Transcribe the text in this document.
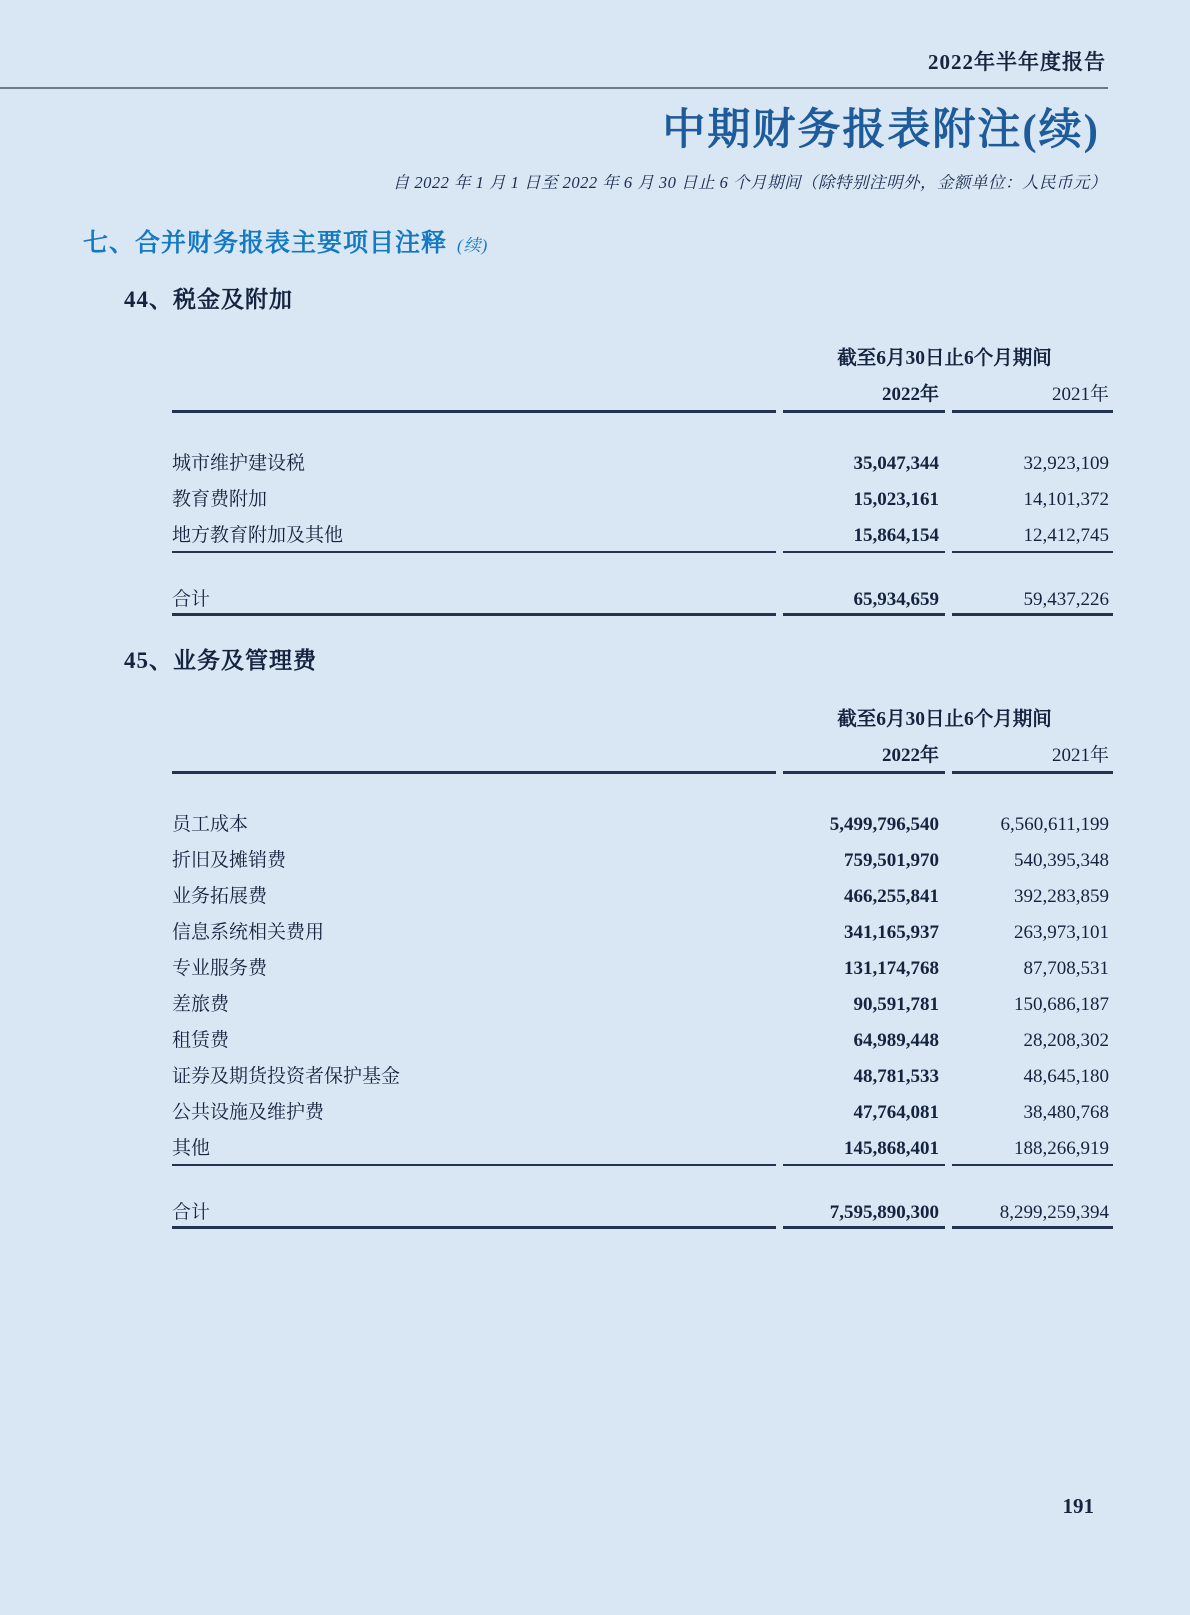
2022年半年度报告
中期财务报表附注(续)
自 2022 年 1 月 1 日至 2022 年 6 月 30 日止 6 个月期间（除特别注明外，金额单位：人民币元）
七、合并财务报表主要项目注释 (续)
44、税金及附加
截至6月30日止6个月期间
2022年	2021年
城市维护建设税	35,047,344	32,923,109
教育费附加	15,023,161	14,101,372
地方教育附加及其他	15,864,154	12,412,745
合计	65,934,659	59,437,226
45、业务及管理费
截至6月30日止6个月期间
2022年	2021年
员工成本	5,499,796,540	6,560,611,199
折旧及摊销费	759,501,970	540,395,348
业务拓展费	466,255,841	392,283,859
信息系统相关费用	341,165,937	263,973,101
专业服务费	131,174,768	87,708,531
差旅费	90,591,781	150,686,187
租赁费	64,989,448	28,208,302
证券及期货投资者保护基金	48,781,533	48,645,180
公共设施及维护费	47,764,081	38,480,768
其他	145,868,401	188,266,919
合计	7,595,890,300	8,299,259,394
191
